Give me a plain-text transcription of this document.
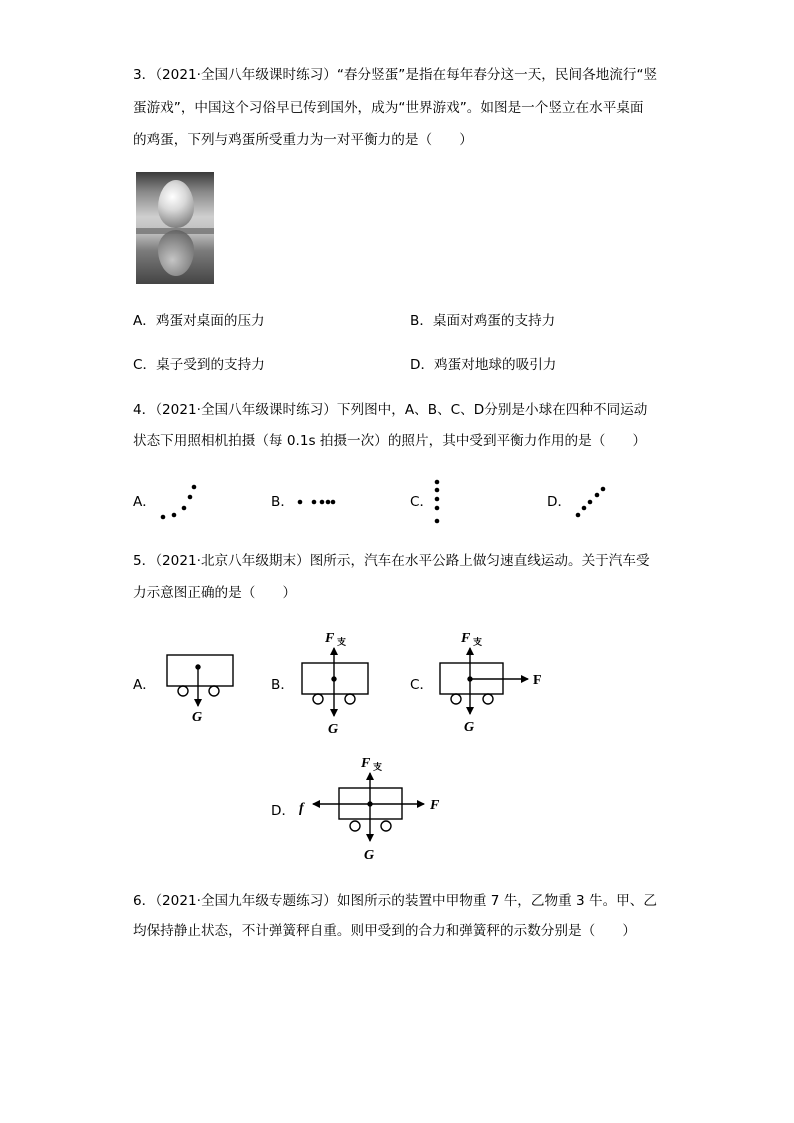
3．（2021·全国八年级课时练习）“春分竖蛋”是指在每年春分这一天，民间各地流行“竖
蛋游戏”，中国这个习俗早已传到国外，成为“世界游戏”。如图是一个竖立在水平桌面
的鸡蛋，下列与鸡蛋所受重力为一对平衡力的是（　　）
A．鸡蛋对桌面的压力	B．桌面对鸡蛋的支持力
C．桌子受到的支持力	D．鸡蛋对地球的吸引力
4．（2021·全国八年级课时练习）下列图中，A、B、C、D分别是小球在四种不同运动
状态下用照相机拍摄（每 0.1s 拍摄一次）的照片，其中受到平衡力作用的是（　　）
A．	B．	C．	D．
5．（2021·北京八年级期末）图所示，汽车在水平公路上做匀速直线运动。关于汽车受
力示意图正确的是（　　）
A．	B．	C．
D．
G
F 支
G
F 支
G
F
F 支
G
F
f
6．（2021·全国九年级专题练习）如图所示的装置中甲物重 7 牛，乙物重 3 牛。甲、乙
均保持静止状态，不计弹簧秤自重。则甲受到的合力和弹簧秤的示数分别是（　　）
